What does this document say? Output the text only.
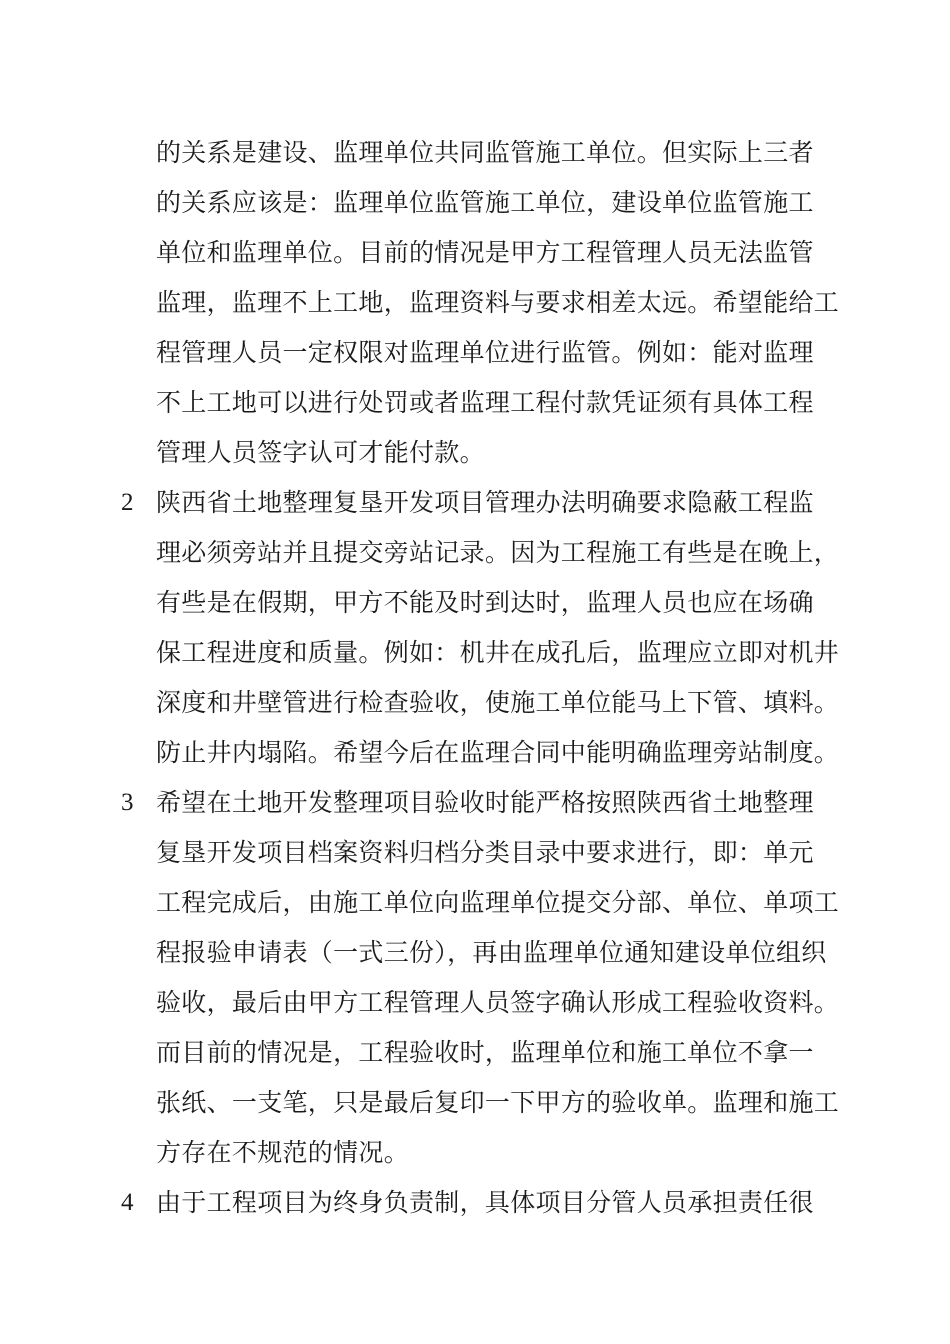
的关系是建设、监理单位共同监管施工单位。但实际上三者
的关系应该是：监理单位监管施工单位，建设单位监管施工
单位和监理单位。目前的情况是甲方工程管理人员无法监管
监理，监理不上工地，监理资料与要求相差太远。希望能给工
程管理人员一定权限对监理单位进行监管。例如：能对监理
不上工地可以进行处罚或者监理工程付款凭证须有具体工程
管理人员签字认可才能付款。
2 陕西省土地整理复垦开发项目管理办法明确要求隐蔽工程监
理必须旁站并且提交旁站记录。因为工程施工有些是在晚上，
有些是在假期，甲方不能及时到达时，监理人员也应在场确
保工程进度和质量。例如：机井在成孔后，监理应立即对机井
深度和井壁管进行检查验收，使施工单位能马上下管、填料。
防止井内塌陷。希望今后在监理合同中能明确监理旁站制度。
3 希望在土地开发整理项目验收时能严格按照陕西省土地整理
复垦开发项目档案资料归档分类目录中要求进行，即：单元
工程完成后，由施工单位向监理单位提交分部、单位、单项工
程报验申请表（一式三份），再由监理单位通知建设单位组织
验收，最后由甲方工程管理人员签字确认形成工程验收资料。
而目前的情况是，工程验收时，监理单位和施工单位不拿一
张纸、一支笔，只是最后复印一下甲方的验收单。监理和施工
方存在不规范的情况。
4 由于工程项目为终身负责制，具体项目分管人员承担责任很
